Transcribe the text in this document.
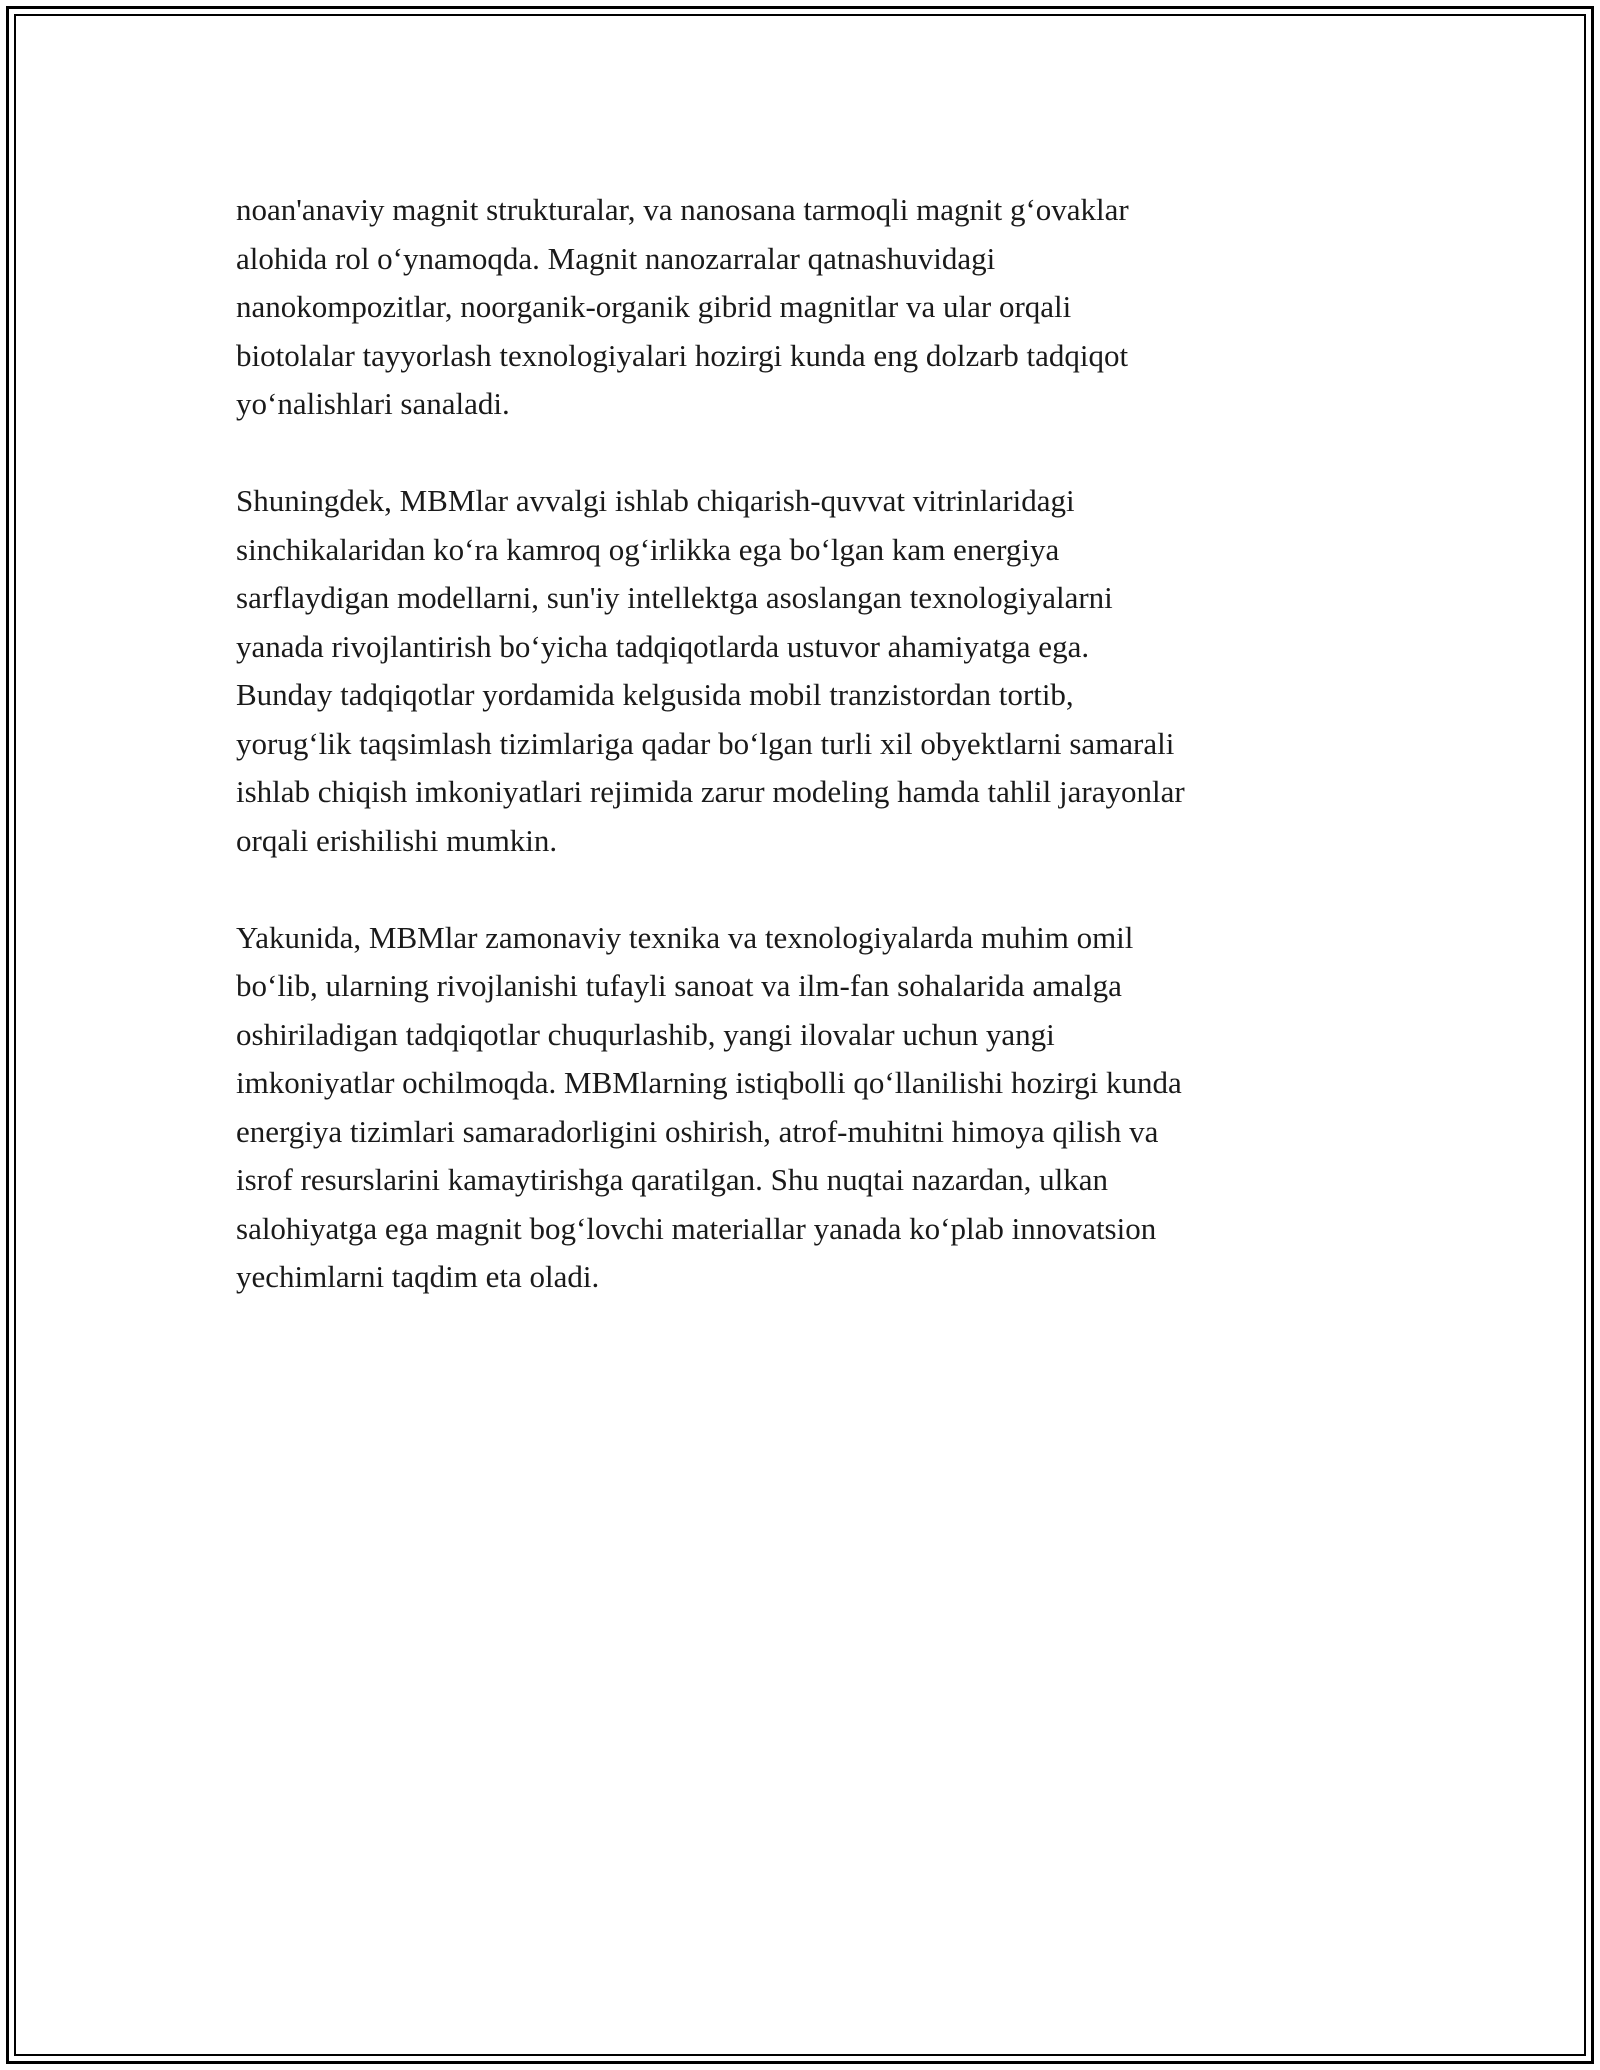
noan'anaviy magnit strukturalar, va nanosana tarmoqli magnit g‘ovaklar
alohida rol o‘ynamoqda. Magnit nanozarralar qatnashuvidagi
nanokompozitlar, noorganik-organik gibrid magnitlar va ular orqali
biotolalar tayyorlash texnologiyalari hozirgi kunda eng dolzarb tadqiqot
yo‘nalishlari sanaladi.
Shuningdek, MBMlar avvalgi ishlab chiqarish-quvvat vitrinlaridagi
sinchikalaridan ko‘ra kamroq og‘irlikka ega bo‘lgan kam energiya
sarflaydigan modellarni, sun'iy intellektga asoslangan texnologiyalarni
yanada rivojlantirish bo‘yicha tadqiqotlarda ustuvor ahamiyatga ega.
Bunday tadqiqotlar yordamida kelgusida mobil tranzistordan tortib,
yorug‘lik taqsimlash tizimlariga qadar bo‘lgan turli xil obyektlarni samarali
ishlab chiqish imkoniyatlari rejimida zarur modeling hamda tahlil jarayonlar
orqali erishilishi mumkin.
Yakunida, MBMlar zamonaviy texnika va texnologiyalarda muhim omil
bo‘lib, ularning rivojlanishi tufayli sanoat va ilm-fan sohalarida amalga
oshiriladigan tadqiqotlar chuqurlashib, yangi ilovalar uchun yangi
imkoniyatlar ochilmoqda. MBMlarning istiqbolli qo‘llanilishi hozirgi kunda
energiya tizimlari samaradorligini oshirish, atrof-muhitni himoya qilish va
isrof resurslarini kamaytirishga qaratilgan. Shu nuqtai nazardan, ulkan
salohiyatga ega magnit bog‘lovchi materiallar yanada ko‘plab innovatsion
yechimlarni taqdim eta oladi.
